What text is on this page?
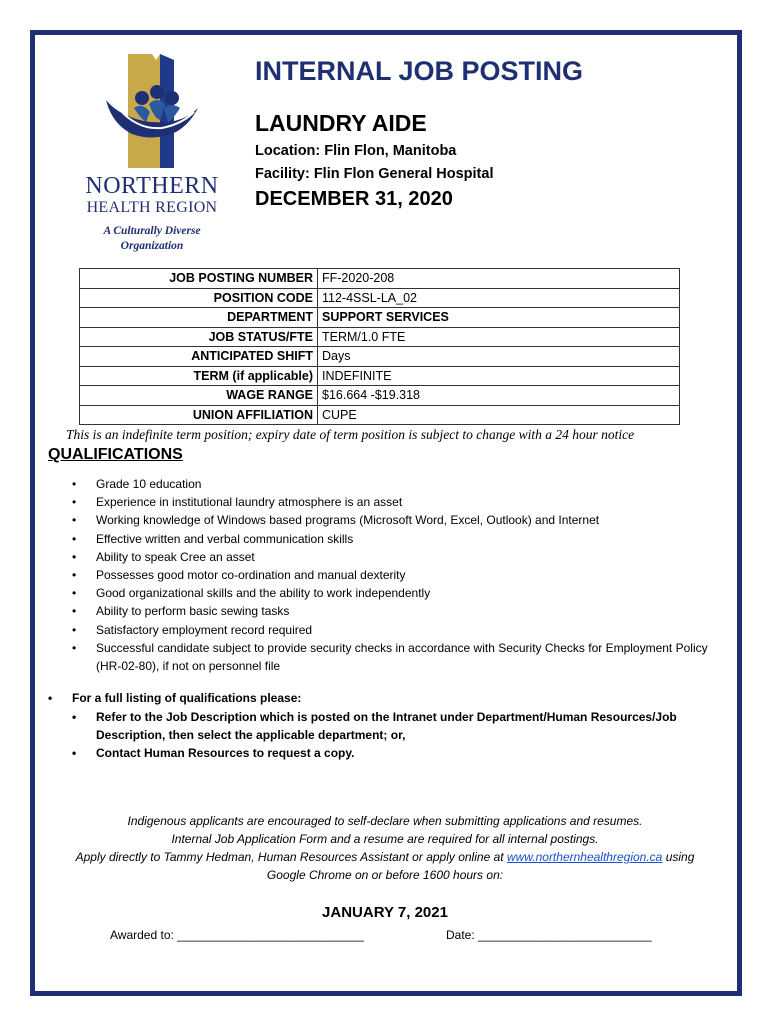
NORTHERN
HEALTH REGION
A Culturally Diverse
Organization
INTERNAL JOB POSTING
LAUNDRY AIDE
Location: Flin Flon, Manitoba
Facility: Flin Flon General Hospital
DECEMBER 31, 2020
JOB POSTING NUMBER	FF-2020-208
POSITION CODE	112-4SSL-LA_02
DEPARTMENT	SUPPORT SERVICES
JOB STATUS/FTE	TERM/1.0 FTE
ANTICIPATED SHIFT	Days
TERM (if applicable)	INDEFINITE
WAGE RANGE	$16.664 -$19.318
UNION AFFILIATION	CUPE
This is an indefinite term position; expiry date of term position is subject to change with a 24 hour notice
QUALIFICATIONS
• Grade 10 education
• Experience in institutional laundry atmosphere is an asset
• Working knowledge of Windows based programs (Microsoft Word, Excel, Outlook) and Internet
• Effective written and verbal communication skills
• Ability to speak Cree an asset
• Possesses good motor co-ordination and manual dexterity
• Good organizational skills and the ability to work independently
• Ability to perform basic sewing tasks
• Satisfactory employment record required
• Successful candidate subject to provide security checks in accordance with Security Checks for Employment Policy (HR-02-80), if not on personnel file
• For a full listing of qualifications please:
• Refer to the Job Description which is posted on the Intranet under Department/Human Resources/Job Description, then select the applicable department; or,
• Contact Human Resources to request a copy.
Indigenous applicants are encouraged to self-declare when submitting applications and resumes.
Internal Job Application Form and a resume are required for all internal postings.
Apply directly to Tammy Hedman, Human Resources Assistant or apply online at www.northernhealthregion.ca using
Google Chrome on or before 1600 hours on:
JANUARY 7, 2021
Awarded to: ____________________________	Date: __________________________
